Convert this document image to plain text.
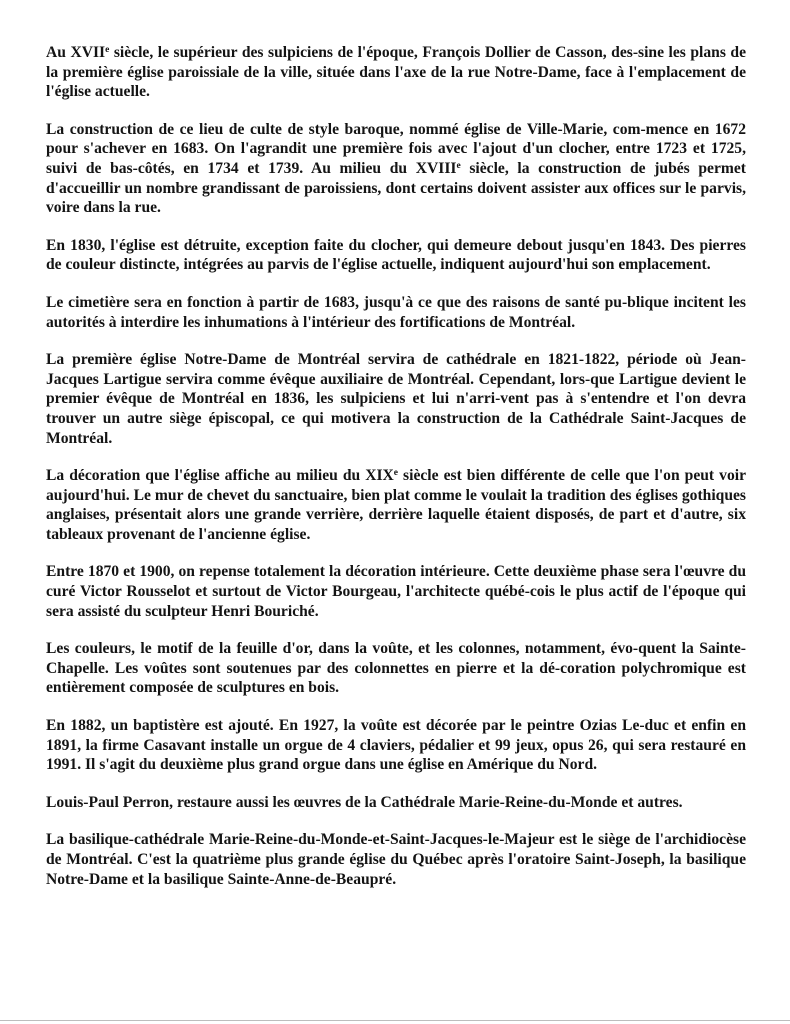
Au XVIIe siècle, le supérieur des sulpiciens de l'époque, François Dollier de Casson, des-sine les plans de la première église paroissiale de la ville, située dans l'axe de la rue Notre-Dame, face à l'emplacement de l'église actuelle.

La construction de ce lieu de culte de style baroque, nommé église de Ville-Marie, com-mence en 1672 pour s'achever en 1683. On l'agrandit une première fois avec l'ajout d'un clocher, entre 1723 et 1725, suivi de bas-côtés, en 1734 et 1739. Au milieu du XVIIIe siècle, la construction de jubés permet d'accueillir un nombre grandissant de paroissiens, dont certains doivent assister aux offices sur le parvis, voire dans la rue.

En 1830, l'église est détruite, exception faite du clocher, qui demeure debout jusqu'en 1843. Des pierres de couleur distincte, intégrées au parvis de l'église actuelle, indiquent aujourd'hui son emplacement.

Le cimetière sera en fonction à partir de 1683, jusqu'à ce que des raisons de santé pu-blique incitent les autorités à interdire les inhumations à l'intérieur des fortifications de Montréal.

La première église Notre-Dame de Montréal servira de cathédrale en 1821-1822, période où Jean-Jacques Lartigue servira comme évêque auxiliaire de Montréal. Cependant, lors-que Lartigue devient le premier évêque de Montréal en 1836, les sulpiciens et lui n'arri-vent pas à s'entendre et l'on devra trouver un autre siège épiscopal, ce qui motivera la construction de la Cathédrale Saint-Jacques de Montréal.

La décoration que l'église affiche au milieu du XIXe siècle est bien différente de celle que l'on peut voir aujourd'hui. Le mur de chevet du sanctuaire, bien plat comme le voulait la tradition des églises gothiques anglaises, présentait alors une grande verrière, derrière laquelle étaient disposés, de part et d'autre, six tableaux provenant de l'ancienne église.

Entre 1870 et 1900, on repense totalement la décoration intérieure. Cette deuxième phase sera l'œuvre du curé Victor Rousselot et surtout de Victor Bourgeau, l'architecte québé-cois le plus actif de l'époque qui sera assisté du sculpteur Henri Bouriché.

Les couleurs, le motif de la feuille d'or, dans la voûte, et les colonnes, notamment, évo-quent la Sainte-Chapelle. Les voûtes sont soutenues par des colonnettes en pierre et la dé-coration polychromique est entièrement composée de sculptures en bois.

En 1882, un baptistère est ajouté. En 1927, la voûte est décorée par le peintre Ozias Le-duc et enfin en 1891, la firme Casavant installe un orgue de 4 claviers, pédalier et 99 jeux, opus 26, qui sera restauré en 1991. Il s'agit du deuxième plus grand orgue dans une église en Amérique du Nord.

Louis-Paul Perron, restaure aussi les œuvres de la Cathédrale Marie-Reine-du-Monde et autres.

La basilique-cathédrale Marie-Reine-du-Monde-et-Saint-Jacques-le-Majeur est le siège de l'archidiocèse de Montréal. C'est la quatrième plus grande église du Québec après l'oratoire Saint-Joseph, la basilique Notre-Dame et la basilique Sainte-Anne-de-Beaupré.
